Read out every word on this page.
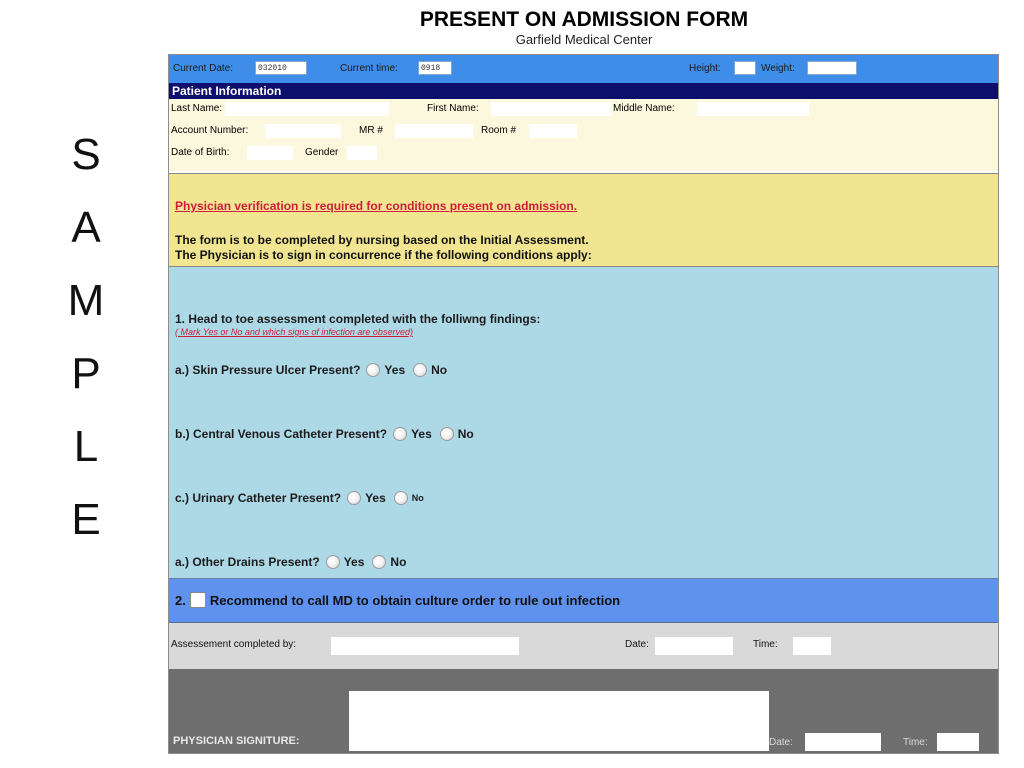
S
A
M
P
L
E
PRESENT ON ADMISSION FORM
Garfield Medical Center
Current Date:	032010	Current time:	0918	Height:	Weight:
Patient Information
Last Name:	First Name:	Middle Name:
Account Number:	MR #	Room #
Date of Birth:	Gender
Physician verification is required for conditions present on admission.
The form is to be completed by nursing based on the Initial Assessment.
The Physician is to sign in concurrence if the following conditions apply:
1. Head to toe assessment completed with the folliwng findings:
( Mark Yes or No and which signs of infection are observed)
a.) Skin Pressure Ulcer Present? Yes No
b.) Central Venous Catheter Present? Yes No
c.) Urinary Catheter Present? Yes	No
a.) Other Drains Present? Yes No
2. Recommend to call MD to obtain culture order to rule out infection
Assessement completed by:	Date:	Time:
PHYSICIAN SIGNITURE:	Date:	Time:
